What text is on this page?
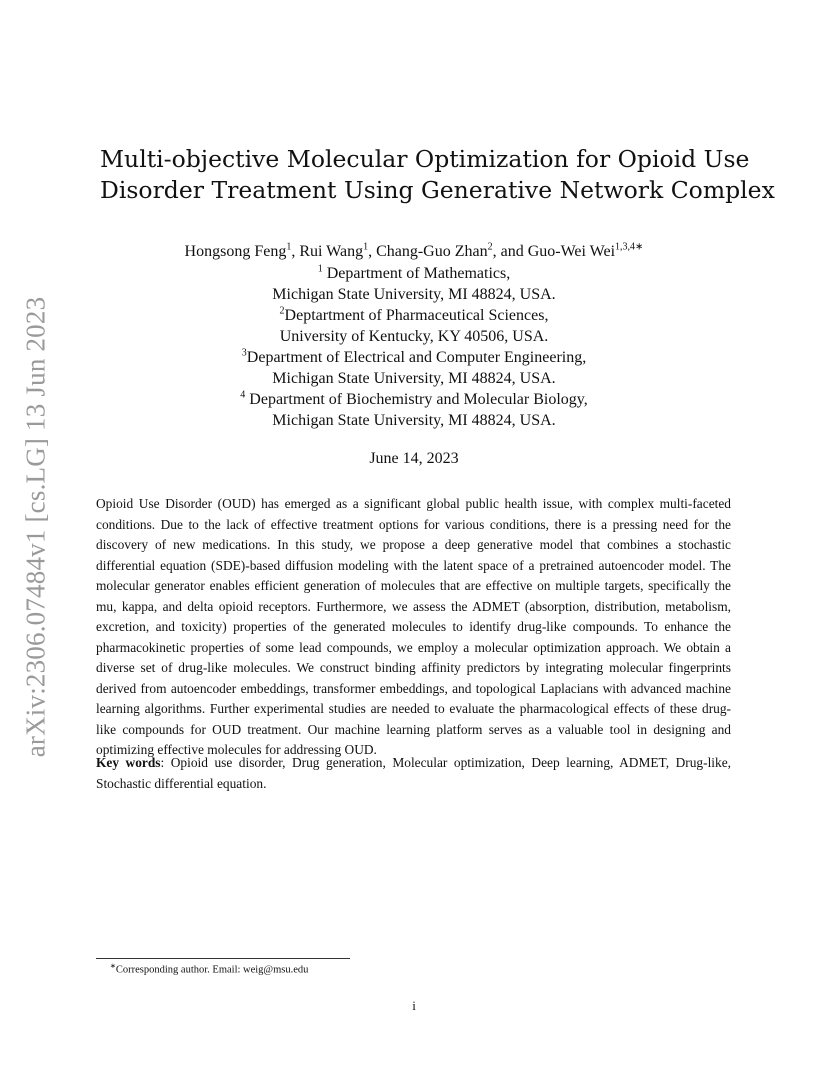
arXiv:2306.07484v1 [cs.LG] 13 Jun 2023
Multi-objective Molecular Optimization for Opioid Use
Disorder Treatment Using Generative Network Complex
Hongsong Feng$^1$, Rui Wang$^1$, Chang-Guo Zhan$^2$, and Guo-Wei Wei$^{1,3,4∗}$
$^1$ Department of Mathematics,
Michigan State University, MI 48824, USA.
$^2$Deptartment of Pharmaceutical Sciences,
University of Kentucky, KY 40506, USA.
$^3$Department of Electrical and Computer Engineering,
Michigan State University, MI 48824, USA.
$^4$ Department of Biochemistry and Molecular Biology,
Michigan State University, MI 48824, USA.
June 14, 2023
Opioid Use Disorder (OUD) has emerged as a significant global public health issue, with complex multi-faceted conditions. Due to the lack of effective treatment options for various conditions, there is a pressing need for the discovery of new medications. In this study, we propose a deep generative model that combines a stochastic differential equation (SDE)-based diffusion modeling with the latent space of a pretrained autoencoder model. The molecular generator enables efficient generation of molecules that are effective on multiple targets, specifically the mu, kappa, and delta opioid receptors. Furthermore, we assess the ADMET (absorption, distribution, metabolism, excretion, and toxicity) properties of the generated molecules to identify drug-like compounds. To enhance the pharmacokinetic properties of some lead compounds, we employ a molecular optimization approach. We obtain a diverse set of drug-like molecules. We construct binding affinity predictors by integrating molecular fingerprints derived from autoencoder embeddings, transformer embeddings, and topological Laplacians with advanced machine learning algorithms. Further experimental studies are needed to evaluate the pharmacological effects of these drug-like compounds for OUD treatment. Our machine learning platform serves as a valuable tool in designing and optimizing effective molecules for addressing OUD.
Key words: Opioid use disorder, Drug generation, Molecular optimization, Deep learning, ADMET, Drug-like, Stochastic differential equation.
∗Corresponding author. Email: weig@msu.edu
i
